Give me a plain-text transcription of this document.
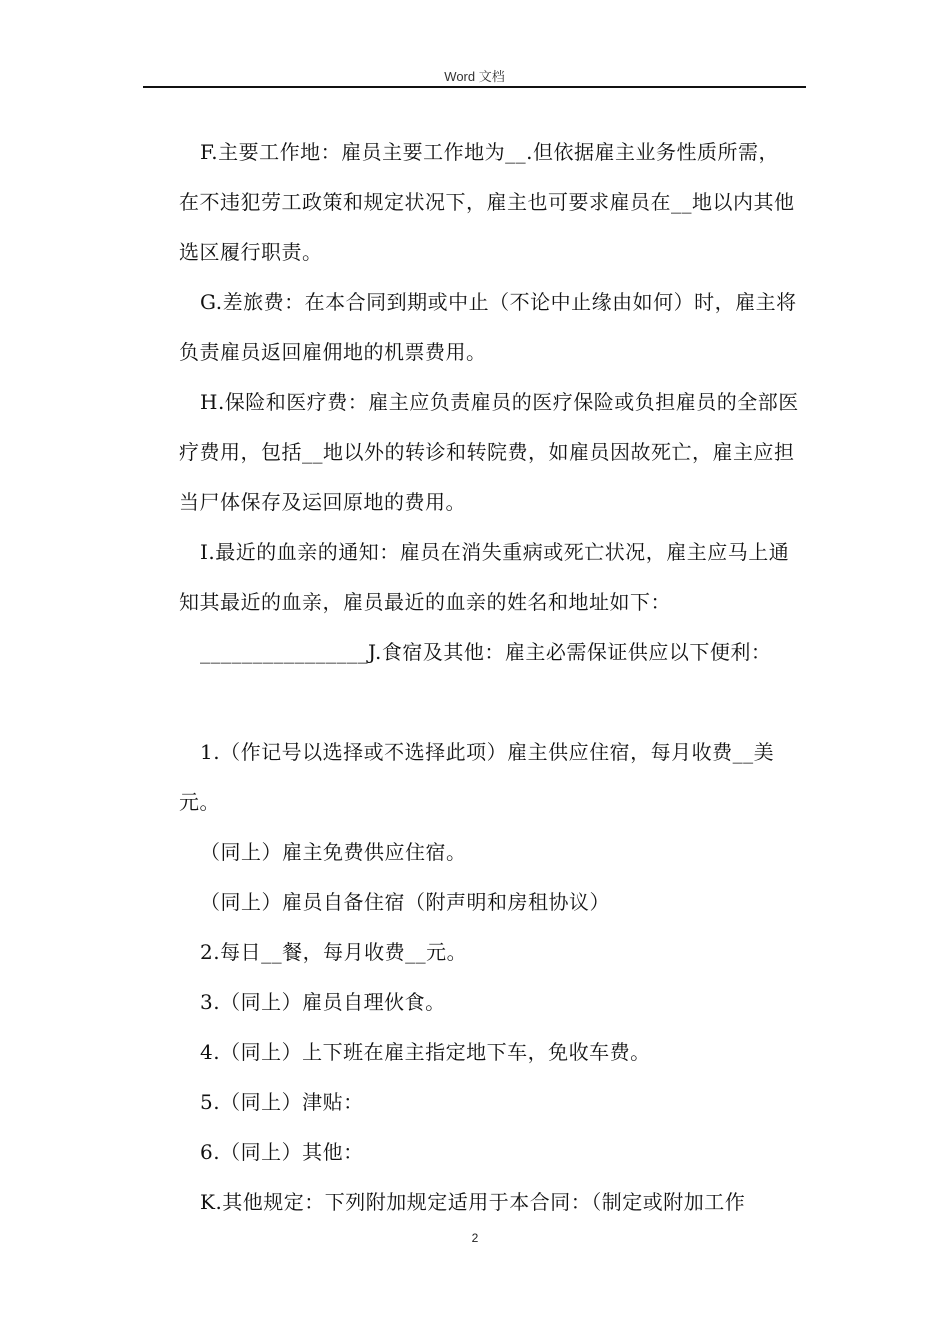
Word 文档

F.主要工作地：雇员主要工作地为__.但依据雇主业务性质所需，在不违犯劳工政策和规定状况下，雇主也可要求雇员在__地以内其他选区履行职责。

G.差旅费：在本合同到期或中止（不论中止缘由如何）时，雇主将负责雇员返回雇佣地的机票费用。

H.保险和医疗费：雇主应负责雇员的医疗保险或负担雇员的全部医疗费用，包括__地以外的转诊和转院费，如雇员因故死亡，雇主应担当尸体保存及运回原地的费用。

I.最近的血亲的通知：雇员在消失重病或死亡状况，雇主应马上通知其最近的血亲，雇员最近的血亲的姓名和地址如下：

________________J.食宿及其他：雇主必需保证供应以下便利：

1.（作记号以选择或不选择此项）雇主供应住宿，每月收费__美元。

（同上）雇主免费供应住宿。

（同上）雇员自备住宿（附声明和房租协议）

2.每日__餐，每月收费__元。

3.（同上）雇员自理伙食。

4.（同上）上下班在雇主指定地下车，免收车费。

5.（同上）津贴：

6.（同上）其他：

K.其他规定：下列附加规定适用于本合同：（制定或附加工作

2
